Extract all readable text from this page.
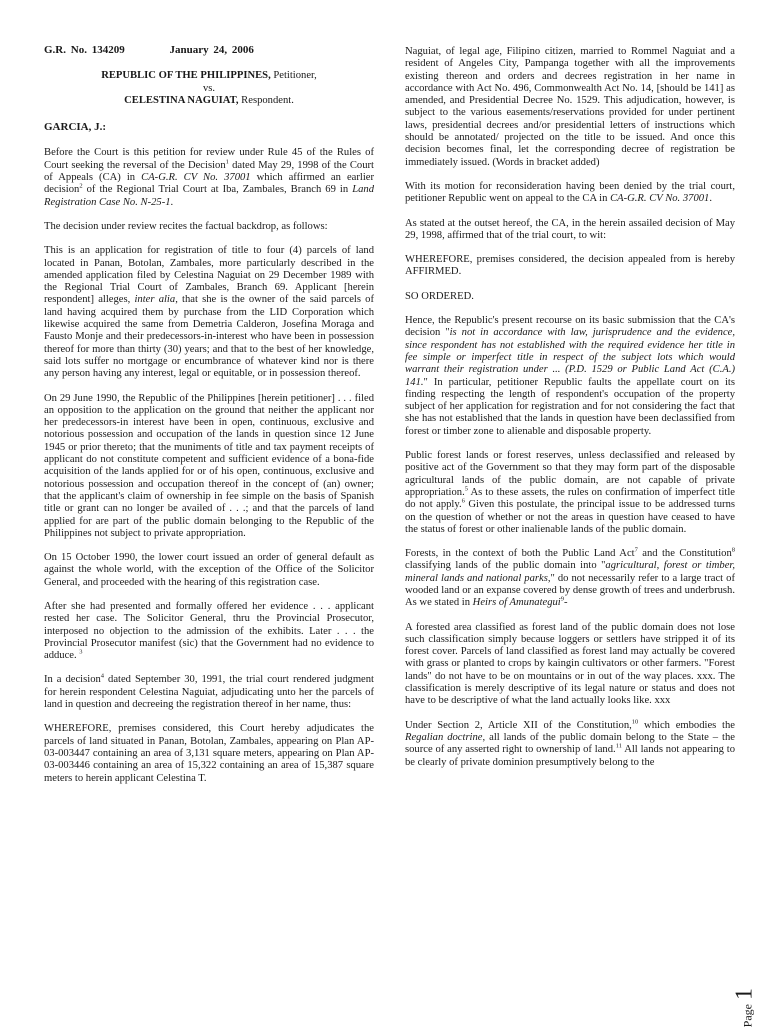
G.R. No. 134209	January 24, 2006

REPUBLIC OF THE PHILIPPINES, Petitioner,

vs.

CELESTINA NAGUIAT, Respondent.

GARCIA, J.:

Before the Court is this petition for review under Rule 45 of the Rules of Court seeking the reversal of the Decision$^1$ dated May 29, 1998 of the Court of Appeals (CA) in CA-G.R. CV No. 37001 which affirmed an earlier decision$^2$ of the Regional Trial Court at Iba, Zambales, Branch 69 in Land Registration Case No. N-25-1.

The decision under review recites the factual backdrop, as follows:

This is an application for registration of title to four (4) parcels of land located in Panan, Botolan, Zambales, more particularly described in the amended application filed by Celestina Naguiat on 29 December 1989 with the Regional Trial Court of Zambales, Branch 69. Applicant [herein respondent] alleges, inter alia, that she is the owner of the said parcels of land having acquired them by purchase from the LID Corporation which likewise acquired the same from Demetria Calderon, Josefina Moraga and Fausto Monje and their predecessors-in-interest who have been in possession thereof for more than thirty (30) years; and that to the best of her knowledge, said lots suffer no mortgage or encumbrance of whatever kind nor is there any person having any interest, legal or equitable, or in possession thereof.

On 29 June 1990, the Republic of the Philippines [herein petitioner] . . . filed an opposition to the application on the ground that neither the applicant nor her predecessors-in interest have been in open, continuous, exclusive and notorious possession and occupation of the lands in question since 12 June 1945 or prior thereto; that the muniments of title and tax payment receipts of applicant do not constitute competent and sufficient evidence of a bona-fide acquisition of the lands applied for or of his open, continuous, exclusive and notorious possession and occupation thereof in the concept of (an) owner; that the applicant's claim of ownership in fee simple on the basis of Spanish title or grant can no longer be availed of . . .; and that the parcels of land applied for are part of the public domain belonging to the Republic of the Philippines not subject to private appropriation.

On 15 October 1990, the lower court issued an order of general default as against the whole world, with the exception of the Office of the Solicitor General, and proceeded with the hearing of this registration case.

After she had presented and formally offered her evidence . . . applicant rested her case. The Solicitor General, thru the Provincial Prosecutor, interposed no objection to the admission of the exhibits. Later . . . the Provincial Prosecutor manifest (sic) that the Government had no evidence to adduce. $^3$

In a decision$^4$ dated September 30, 1991, the trial court rendered judgment for herein respondent Celestina Naguiat, adjudicating unto her the parcels of land in question and decreeing the registration thereof in her name, thus:

WHEREFORE, premises considered, this Court hereby adjudicates the parcels of land situated in Panan, Botolan, Zambales, appearing on Plan AP-03-003447 containing an area of 3,131 square meters, appearing on Plan AP-03-003446 containing an area of 15,322 containing an area of 15,387 square meters to herein applicant Celestina T.

Naguiat, of legal age, Filipino citizen, married to Rommel Naguiat and a resident of Angeles City, Pampanga together with all the improvements existing thereon and orders and decrees registration in her name in accordance with Act No. 496, Commonwealth Act No. 14, [should be 141] as amended, and Presidential Decree No. 1529. This adjudication, however, is subject to the various easements/reservations provided for under pertinent laws, presidential decrees and/or presidential letters of instructions which should be annotated/ projected on the title to be issued. And once this decision becomes final, let the corresponding decree of registration be immediately issued. (Words in bracket added)

With its motion for reconsideration having been denied by the trial court, petitioner Republic went on appeal to the CA in CA-G.R. CV No. 37001.

As stated at the outset hereof, the CA, in the herein assailed decision of May 29, 1998, affirmed that of the trial court, to wit:

WHEREFORE, premises considered, the decision appealed from is hereby AFFIRMED.

SO ORDERED.

Hence, the Republic's present recourse on its basic submission that the CA's decision "is not in accordance with law, jurisprudence and the evidence, since respondent has not established with the required evidence her title in fee simple or imperfect title in respect of the subject lots which would warrant their registration under ... (P.D. 1529 or Public Land Act (C.A.) 141." In particular, petitioner Republic faults the appellate court on its finding respecting the length of respondent's occupation of the property subject of her application for registration and for not considering the fact that she has not established that the lands in question have been declassified from forest or timber zone to alienable and disposable property.

Public forest lands or forest reserves, unless declassified and released by positive act of the Government so that they may form part of the disposable agricultural lands of the public domain, are not capable of private appropriation.$^5$ As to these assets, the rules on confirmation of imperfect title do not apply.$^6$ Given this postulate, the principal issue to be addressed turns on the question of whether or not the areas in question have ceased to have the status of forest or other inalienable lands of the public domain.

Forests, in the context of both the Public Land Act$^7$ and the Constitution$^8$ classifying lands of the public domain into "agricultural, forest or timber, mineral lands and national parks," do not necessarily refer to a large tract of wooded land or an expanse covered by dense growth of trees and underbrush. As we stated in Heirs of Amunategui$^9$-

A forested area classified as forest land of the public domain does not lose such classification simply because loggers or settlers have stripped it of its forest cover. Parcels of land classified as forest land may actually be covered with grass or planted to crops by kaingin cultivators or other farmers. "Forest lands" do not have to be on mountains or in out of the way places. xxx. The classification is merely descriptive of its legal nature or status and does not have to be descriptive of what the land actually looks like. xxx

Under Section 2, Article XII of the Constitution,$^{10}$ which embodies the Regalian doctrine, all lands of the public domain belong to the State – the source of any asserted right to ownership of land.$^{11}$ All lands not appearing to be clearly of private dominion presumptively belong to the

Page1
